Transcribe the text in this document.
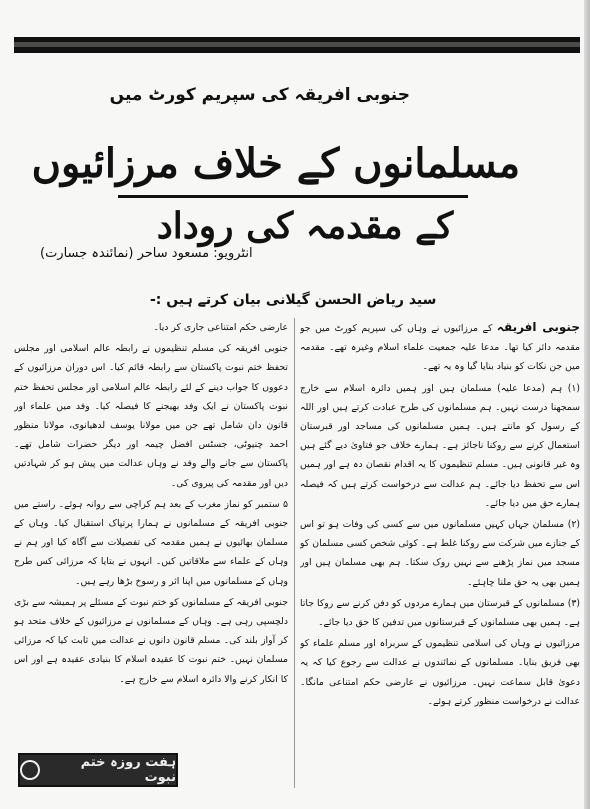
جنوبی افریقہ کی سپریم کورٹ میں
مسلمانوں کے خلاف مرزائیوں
کے مقدمہ کی روداد
انٹرویو: مسعود ساحر (نمائندہ جسارت)
سید ریاض الحسن گیلانی بیان کرتے ہیں :-

جنوبی افریقہ کے مرزائیوں نے وہاں کی سپریم کورٹ میں جو مقدمہ دائر کیا تھا۔ مدعا علیہ جمعیت علماء اسلام وغیرہ تھے۔ مقدمہ میں جن نکات کو بنیاد بنایا گیا وہ یہ تھے۔

(۱) ہم (مدعا علیہ) مسلمان ہیں اور ہمیں دائرہ اسلام سے خارج سمجھنا درست نہیں۔ ہم مسلمانوں کی طرح عبادت کرتے ہیں اور اللہ کے رسول کو مانتے ہیں۔ ہمیں مسلمانوں کی مساجد اور قبرستان استعمال کرنے سے روکنا ناجائز ہے۔ ہمارے خلاف جو فتاویٰ دیے گئے ہیں وہ غیر قانونی ہیں۔ مسلم تنظیموں کا یہ اقدام نقصان دہ ہے اور ہمیں اس سے تحفظ دیا جائے۔ ہم عدالت سے درخواست کرتے ہیں کہ فیصلہ ہمارے حق میں دیا جائے۔

(۲) مسلمان جہاں کہیں مسلمانوں میں سے کسی کی وفات ہو تو اس کے جنازے میں شرکت سے روکنا غلط ہے۔ کوئی شخص کسی مسلمان کو مسجد میں نماز پڑھنے سے نہیں روک سکتا۔ ہم بھی مسلمان ہیں اور ہمیں بھی یہ حق ملنا چاہئے۔

(۳) مسلمانوں کے قبرستان میں ہمارے مردوں کو دفن کرنے سے روکا جاتا ہے۔ ہمیں بھی مسلمانوں کے قبرستانوں میں تدفین کا حق دیا جائے۔

مرزائیوں نے وہاں کی اسلامی تنظیموں کے سربراہ اور مسلم علماء کو بھی فریق بنایا۔ مسلمانوں کے نمائندوں نے عدالت سے رجوع کیا کہ یہ دعویٰ قابل سماعت نہیں۔ مرزائیوں نے عارضی حکم امتناعی مانگا۔ عدالت نے درخواست منظور کرتے ہوئے۔

عارضی حکم امتناعی جاری کر دیا۔

جنوبی افریقہ کی مسلم تنظیموں نے رابطہ عالم اسلامی اور مجلس تحفظ ختم نبوت پاکستان سے رابطہ قائم کیا۔ اس دوران مرزائیوں کے دعووں کا جواب دینے کے لئے رابطہ عالم اسلامی اور مجلس تحفظ ختم نبوت پاکستان نے ایک وفد بھیجنے کا فیصلہ کیا۔ وفد میں علماء اور قانون دان شامل تھے جن میں مولانا یوسف لدھیانوی، مولانا منظور احمد چنیوٹی، جسٹس افضل چیمہ اور دیگر حضرات شامل تھے۔ پاکستان سے جانے والے وفد نے وہاں عدالت میں پیش ہو کر شہادتیں دیں اور مقدمہ کی پیروی کی۔

۵ ستمبر کو نماز مغرب کے بعد ہم کراچی سے روانہ ہوئے۔ راستے میں جنوبی افریقہ کے مسلمانوں نے ہمارا پرتپاک استقبال کیا۔ وہاں کے مسلمان بھائیوں نے ہمیں مقدمہ کی تفصیلات سے آگاہ کیا اور ہم نے وہاں کے علماء سے ملاقاتیں کیں۔ انہوں نے بتایا کہ مرزائی کس طرح وہاں کے مسلمانوں میں اپنا اثر و رسوخ بڑھا رہے ہیں۔

جنوبی افریقہ کے مسلمانوں کو ختم نبوت کے مسئلے پر ہمیشہ سے بڑی دلچسپی رہی ہے۔ وہاں کے مسلمانوں نے مرزائیوں کے خلاف متحد ہو کر آواز بلند کی۔ مسلم قانون دانوں نے عدالت میں ثابت کیا کہ مرزائی مسلمان نہیں۔ ختم نبوت کا عقیدہ اسلام کا بنیادی عقیدہ ہے اور اس کا انکار کرنے والا دائرہ اسلام سے خارج ہے۔

ہفت روزہ ختم نبوت
